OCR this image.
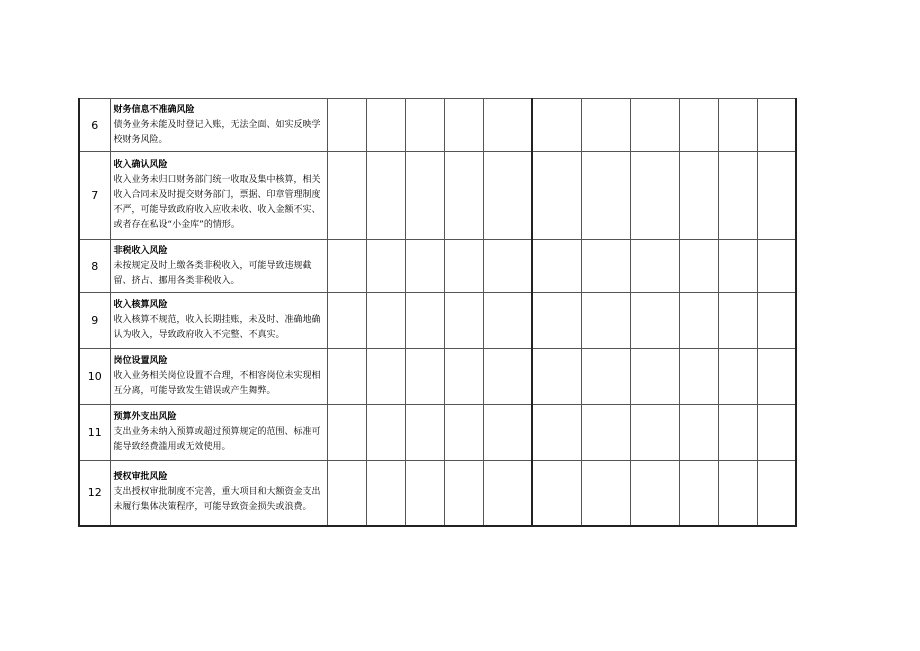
6	财务信息不准确风险
债务业务未能及时登记入账，无法全面、如实反映学校财务风险。											

7	收入确认风险
收入业务未归口财务部门统一收取及集中核算，相关收入合同未及时提交财务部门，票据、印章管理制度不严，可能导致政府收入应收未收、收入金额不实、或者存在私设“小金库”的情形。											

8	非税收入风险
未按规定及时上缴各类非税收入，可能导致违规截留、挤占、挪用各类非税收入。											

9	收入核算风险
收入核算不规范，收入长期挂账，未及时、准确地确认为收入，导致政府收入不完整、不真实。											

10	岗位设置风险
收入业务相关岗位设置不合理，不相容岗位未实现相互分离，可能导致发生错误或产生舞弊。											

11	预算外支出风险
支出业务未纳入预算或超过预算规定的范围、标准可能导致经费滥用或无效使用。											

12	授权审批风险
支出授权审批制度不完善，重大项目和大额资金支出未履行集体决策程序，可能导致资金损失或浪费。											
